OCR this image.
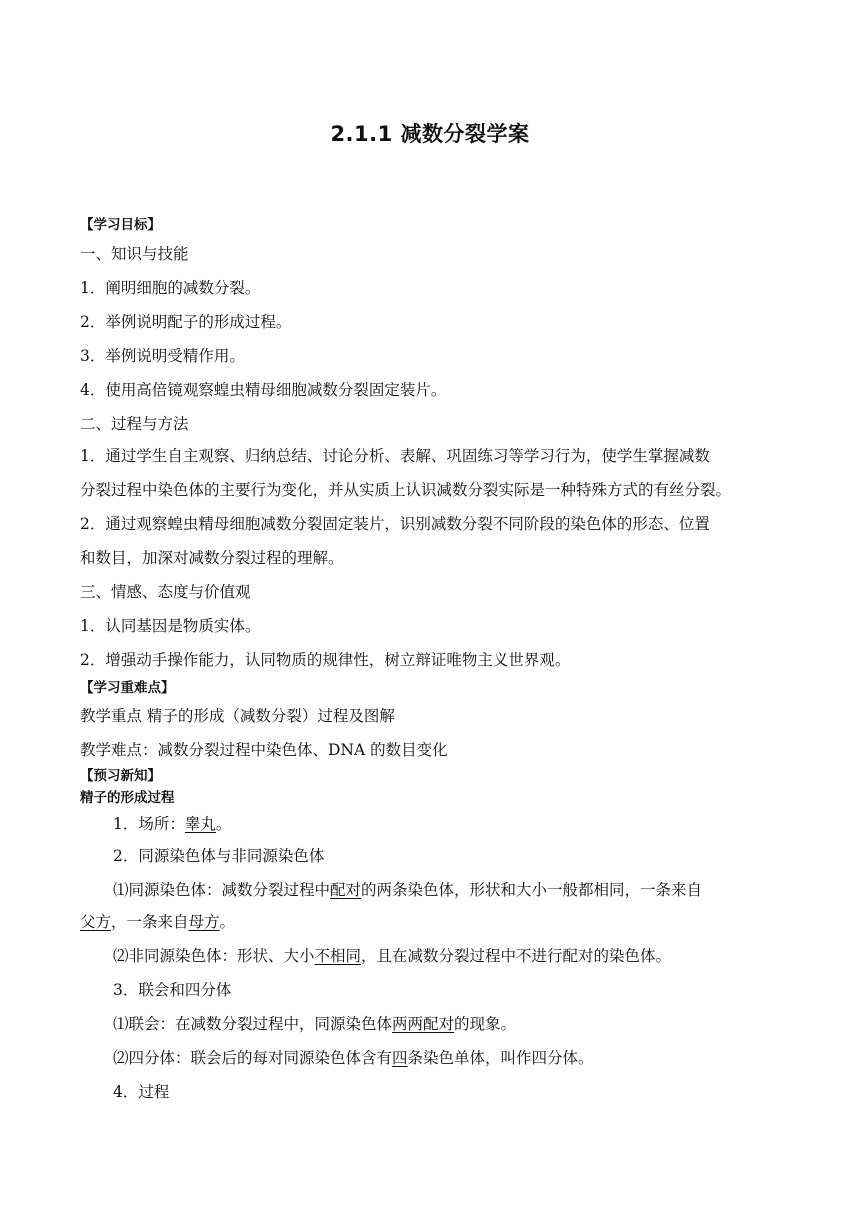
2.1.1 减数分裂学案
【学习目标】
一、知识与技能
1．阐明细胞的减数分裂。
2．举例说明配子的形成过程。
3．举例说明受精作用。
4．使用高倍镜观察蝗虫精母细胞减数分裂固定装片。
二、过程与方法
1．通过学生自主观察、归纳总结、讨论分析、表解、巩固练习等学习行为，使学生掌握减数
分裂过程中染色体的主要行为变化，并从实质上认识减数分裂实际是一种特殊方式的有丝分裂。
2．通过观察蝗虫精母细胞减数分裂固定装片，识别减数分裂不同阶段的染色体的形态、位置
和数目，加深对减数分裂过程的理解。
三、情感、态度与价值观
1．认同基因是物质实体。
2．增强动手操作能力，认同物质的规律性，树立辩证唯物主义世界观。
【学习重难点】
教学重点 精子的形成（减数分裂）过程及图解
教学难点：减数分裂过程中染色体、DNA 的数目变化
【预习新知】
精子的形成过程
1．场所：睾丸。
2．同源染色体与非同源染色体
⑴同源染色体：减数分裂过程中配对的两条染色体，形状和大小一般都相同，一条来自
父方，一条来自母方。
⑵非同源染色体：形状、大小不相同，且在减数分裂过程中不进行配对的染色体。
3．联会和四分体
⑴联会：在减数分裂过程中，同源染色体两两配对的现象。
⑵四分体：联会后的每对同源染色体含有四条染色单体，叫作四分体。
4．过程
